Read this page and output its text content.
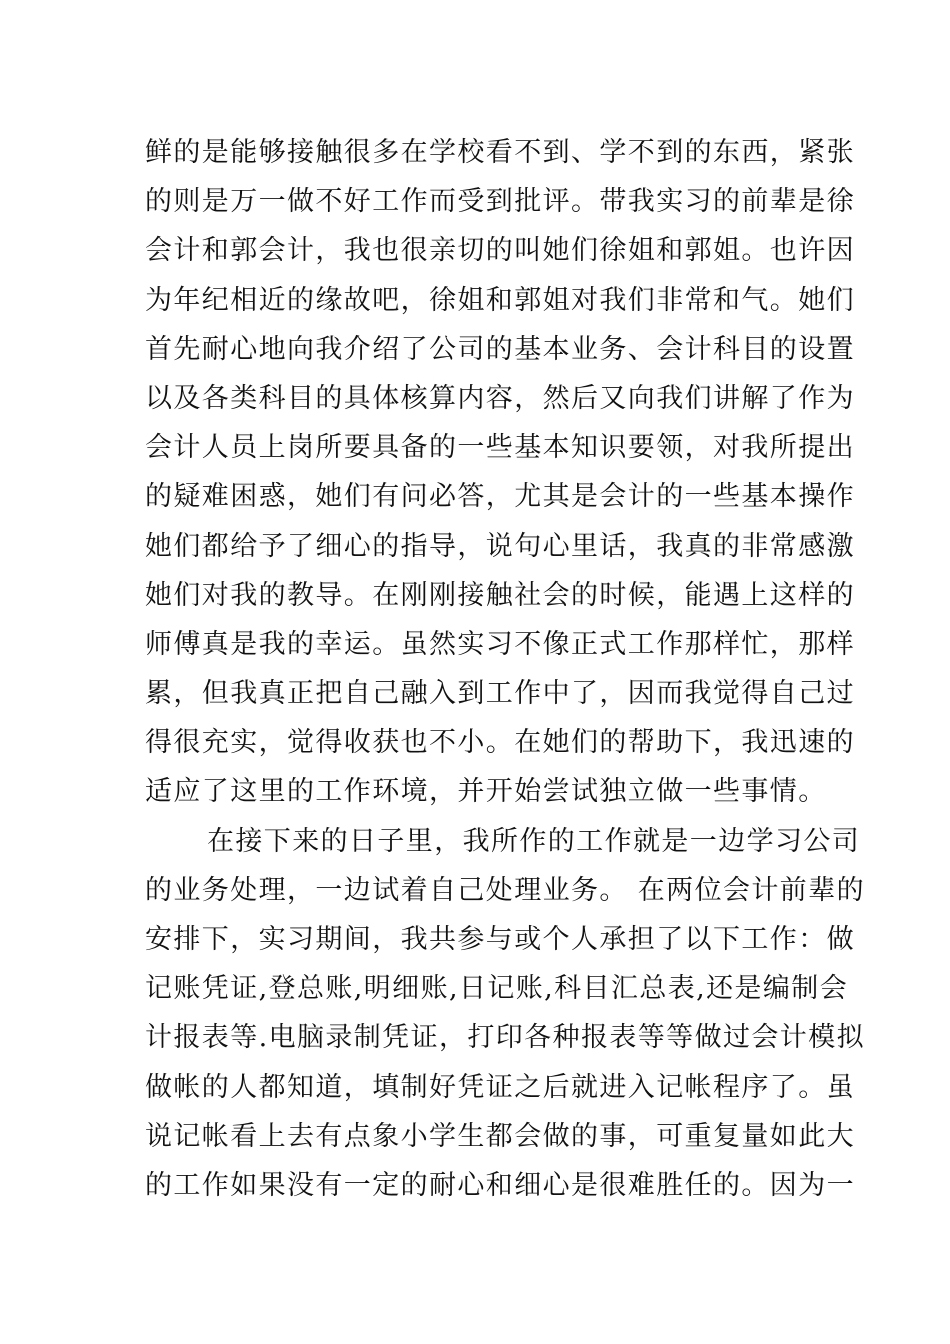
鲜的是能够接触很多在学校看不到、学不到的东西，紧张
的则是万一做不好工作而受到批评。带我实习的前辈是徐
会计和郭会计，我也很亲切的叫她们徐姐和郭姐。也许因
为年纪相近的缘故吧，徐姐和郭姐对我们非常和气。她们
首先耐心地向我介绍了公司的基本业务、会计科目的设置
以及各类科目的具体核算内容，然后又向我们讲解了作为
会计人员上岗所要具备的一些基本知识要领，对我所提出
的疑难困惑，她们有问必答，尤其是会计的一些基本操作
她们都给予了细心的指导，说句心里话，我真的非常感激
她们对我的教导。在刚刚接触社会的时候，能遇上这样的
师傅真是我的幸运。虽然实习不像正式工作那样忙，那样
累，但我真正把自己融入到工作中了，因而我觉得自己过
得很充实，觉得收获也不小。在她们的帮助下，我迅速的
适应了这里的工作环境，并开始尝试独立做一些事情。
在接下来的日子里，我所作的工作就是一边学习公司
的业务处理，一边试着自己处理业务。 在两位会计前辈的
安排下，实习期间，我共参与或个人承担了以下工作：做
记账凭证,登总账,明细账,日记账,科目汇总表,还是编制会
计报表等.电脑录制凭证，打印各种报表等等做过会计模拟
做帐的人都知道，填制好凭证之后就进入记帐程序了。虽
说记帐看上去有点象小学生都会做的事，可重复量如此大
的工作如果没有一定的耐心和细心是很难胜任的。因为一
